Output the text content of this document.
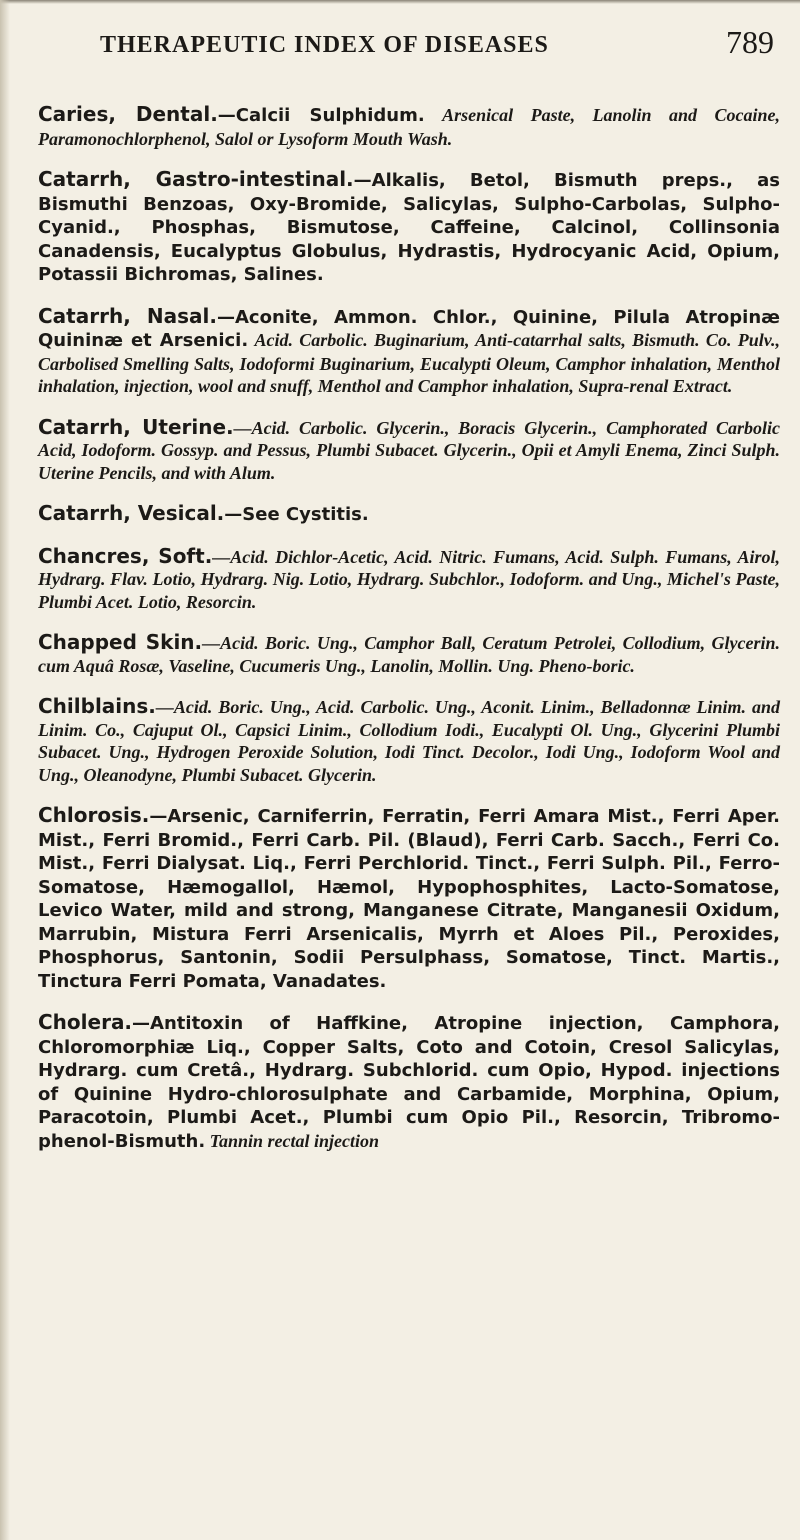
THERAPEUTIC INDEX OF DISEASES	789

Caries, Dental.—Calcii Sulphidum. Arsenical Paste, Lanolin and Cocaine, Paramonochlorphenol, Salol or Lysoform Mouth Wash.

Catarrh, Gastro-intestinal.—Alkalis, Betol, Bismuth preps., as Bismuthi Benzoas, Oxy-Bromide, Salicylas, Sulpho-Carbolas, Sulpho-Cyanid., Phosphas, Bismutose, Caffeine, Calcinol, Collinsonia Canadensis, Eucalyptus Globulus, Hydrastis, Hydrocyanic Acid, Opium, Potassii Bichromas, Salines.

Catarrh, Nasal.—Aconite, Ammon. Chlor., Quinine, Pilula Atropinæ Quininæ et Arsenici. Acid. Carbolic. Buginarium, Anti-catarrhal salts, Bismuth. Co. Pulv., Carbolised Smelling Salts, Iodoformi Buginarium, Eucalypti Oleum, Camphor inhalation, Menthol inhalation, injection, wool and snuff, Menthol and Camphor inhalation, Supra-renal Extract.

Catarrh, Uterine.—Acid. Carbolic. Glycerin., Boracis Glycerin., Camphorated Carbolic Acid, Iodoform. Gossyp. and Pessus, Plumbi Subacet. Glycerin., Opii et Amyli Enema, Zinci Sulph. Uterine Pencils, and with Alum.

Catarrh, Vesical.—See Cystitis.

Chancres, Soft.—Acid. Dichlor-Acetic, Acid. Nitric. Fumans, Acid. Sulph. Fumans, Airol, Hydrarg. Flav. Lotio, Hydrarg. Nig. Lotio, Hydrarg. Subchlor., Iodoform. and Ung., Michel's Paste, Plumbi Acet. Lotio, Resorcin.

Chapped Skin.—Acid. Boric. Ung., Camphor Ball, Ceratum Petrolei, Collodium, Glycerin. cum Aquâ Rosæ, Vaseline, Cucumeris Ung., Lanolin, Mollin. Ung. Pheno-boric.

Chilblains.—Acid. Boric. Ung., Acid. Carbolic. Ung., Aconit. Linim., Belladonnæ Linim. and Linim. Co., Cajuput Ol., Capsici Linim., Collodium Iodi., Eucalypti Ol. Ung., Glycerini Plumbi Subacet. Ung., Hydrogen Peroxide Solution, Iodi Tinct. Decolor., Iodi Ung., Iodoform Wool and Ung., Oleanodyne, Plumbi Subacet. Glycerin.

Chlorosis.—Arsenic, Carniferrin, Ferratin, Ferri Amara Mist., Ferri Aper. Mist., Ferri Bromid., Ferri Carb. Pil. (Blaud), Ferri Carb. Sacch., Ferri Co. Mist., Ferri Dialysat. Liq., Ferri Perchlorid. Tinct., Ferri Sulph. Pil., Ferro-Somatose, Hæmogallol, Hæmol, Hypophosphites, Lacto-Somatose, Levico Water, mild and strong, Manganese Citrate, Manganesii Oxidum, Marrubin, Mistura Ferri Arsenicalis, Myrrh et Aloes Pil., Peroxides, Phosphorus, Santonin, Sodii Persulphass, Somatose, Tinct. Martis., Tinctura Ferri Pomata, Vanadates.

Cholera.—Antitoxin of Haffkine, Atropine injection, Camphora, Chloromorphiæ Liq., Copper Salts, Coto and Cotoin, Cresol Salicylas, Hydrarg. cum Cretâ., Hydrarg. Subchlorid. cum Opio, Hypod. injections of Quinine Hydro-chlorosulphate and Carbamide, Morphina, Opium, Paracotoin, Plumbi Acet., Plumbi cum Opio Pil., Resorcin, Tribromo-phenol-Bismuth. Tannin rectal injection
